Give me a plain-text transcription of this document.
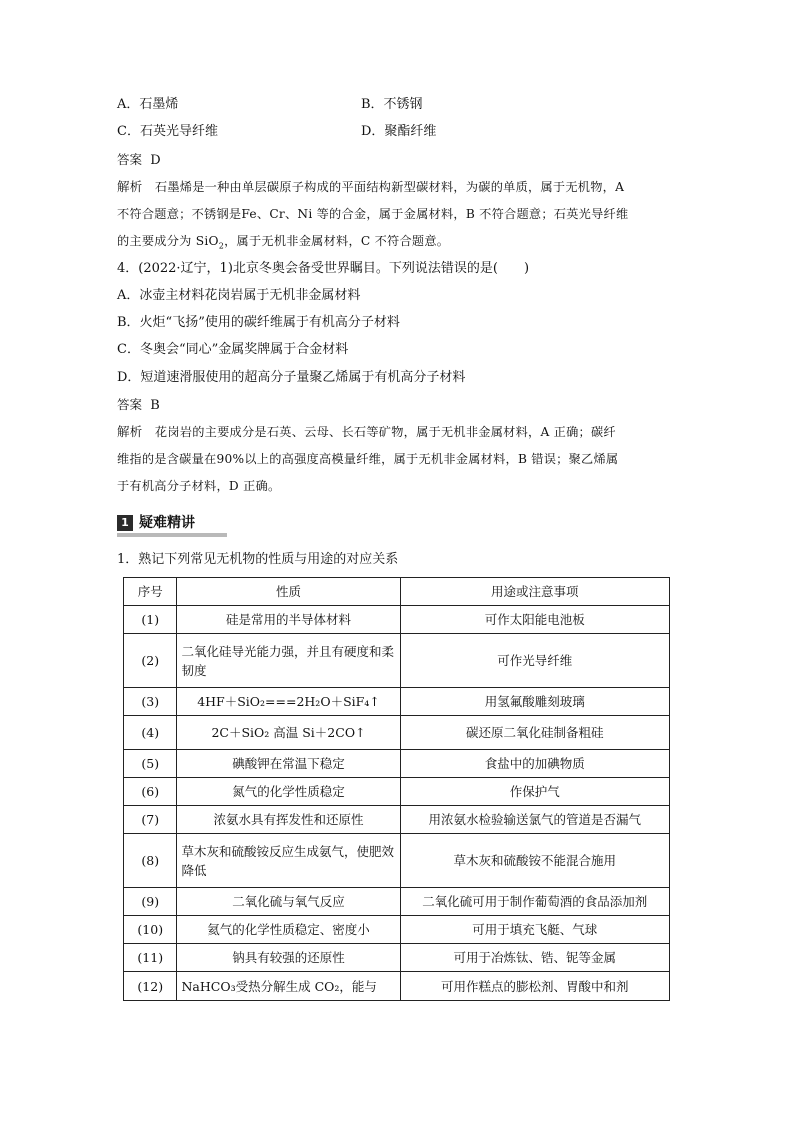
A．石墨烯	B．不锈钢
C．石英光导纤维	D．聚酯纤维
答案 D
解析 石墨烯是一种由单层碳原子构成的平面结构新型碳材料，为碳的单质，属于无机物，A
不符合题意；不锈钢是Fe、Cr、Ni 等的合金，属于金属材料，B 不符合题意；石英光导纤维
的主要成分为 SiO$_2$，属于无机非金属材料，C 不符合题意。
4．(2022·辽宁，1)北京冬奥会备受世界瞩目。下列说法错误的是(　　)
A．冰壶主材料花岗岩属于无机非金属材料
B．火炬“飞扬”使用的碳纤维属于有机高分子材料
C．冬奥会“同心”金属奖牌属于合金材料
D．短道速滑服使用的超高分子量聚乙烯属于有机高分子材料
答案 B
解析 花岗岩的主要成分是石英、云母、长石等矿物，属于无机非金属材料，A 正确；碳纤
维指的是含碳量在90%以上的高强度高模量纤维，属于无机非金属材料，B 错误；聚乙烯属
于有机高分子材料，D 正确。
1 疑难精讲
1．熟记下列常见无机物的性质与用途的对应关系
序号	性质	用途或注意事项
(1)	硅是常用的半导体材料	可作太阳能电池板
(2)	二氧化硅导光能力强，并且有硬度和柔韧度	可作光导纤维
(3)	4HF＋SiO₂===2H₂O＋SiF₄↑	用氢氟酸雕刻玻璃
(4)	2C＋SiO₂ 高温 Si＋2CO↑	碳还原二氧化硅制备粗硅
(5)	碘酸钾在常温下稳定	食盐中的加碘物质
(6)	氮气的化学性质稳定	作保护气
(7)	浓氨水具有挥发性和还原性	用浓氨水检验输送氯气的管道是否漏气
(8)	草木灰和硫酸铵反应生成氨气，使肥效降低	草木灰和硫酸铵不能混合施用
(9)	二氧化硫与氧气反应	二氧化硫可用于制作葡萄酒的食品添加剂
(10)	氦气的化学性质稳定、密度小	可用于填充飞艇、气球
(11)	钠具有较强的还原性	可用于冶炼钛、锆、铌等金属
(12)	NaHCO₃受热分解生成 CO₂，能与	可用作糕点的膨松剂、胃酸中和剂
